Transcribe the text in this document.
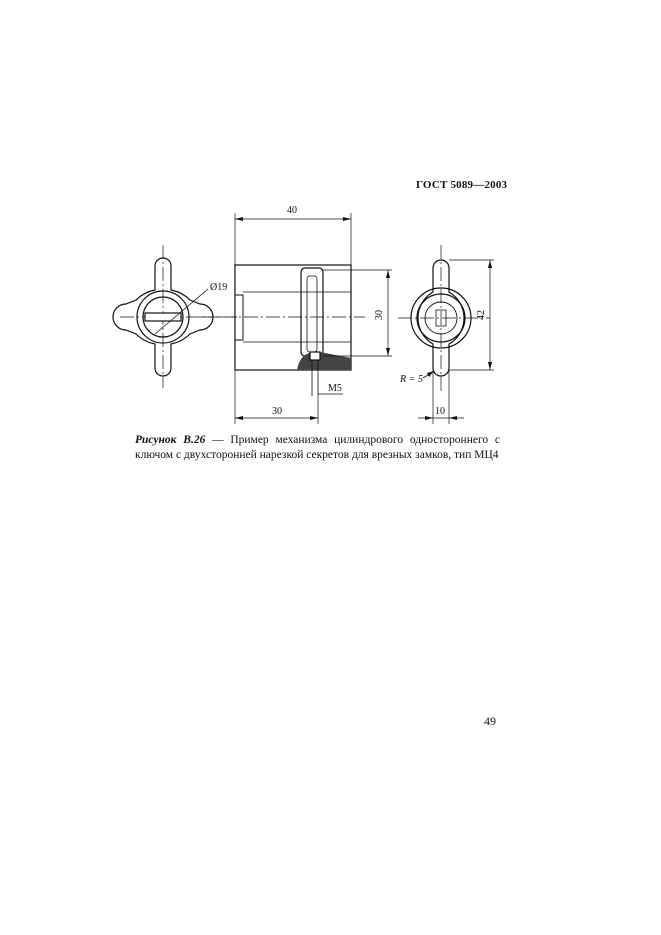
ГОСТ 5089—2003
Ø19
40
30
M5
30
42
R = 5
10
Рисунок В.26 — Пример механизма цилиндрового одностороннего с ключом с двухсторонней нарезкой секретов для врезных замков, тип МЦ4
49
